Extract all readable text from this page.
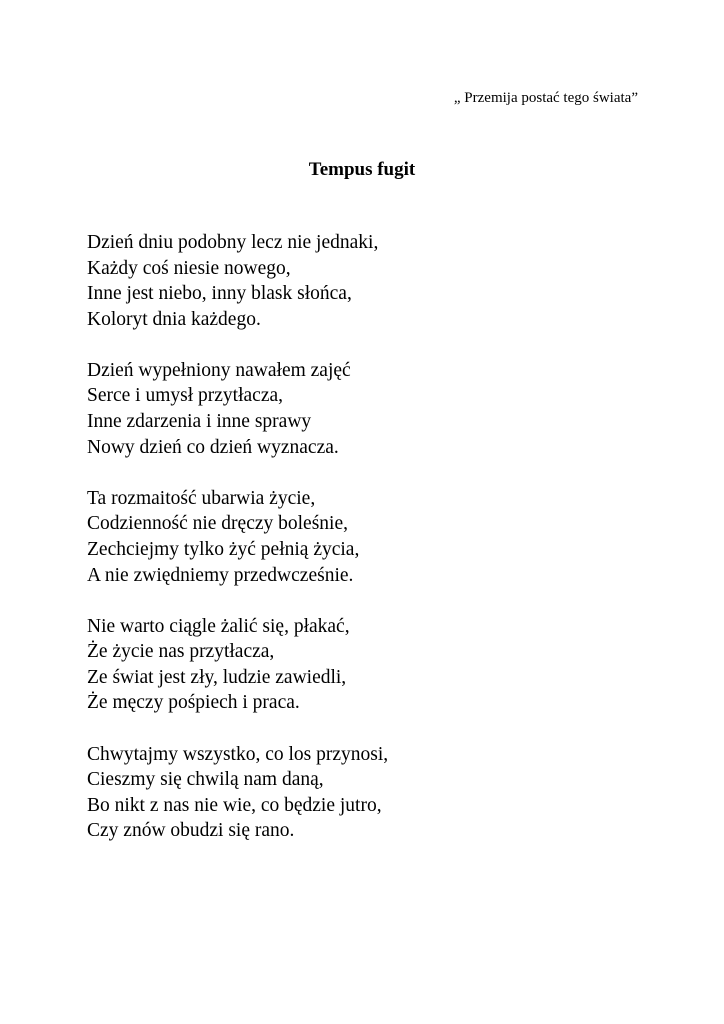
„ Przemija postać tego świata”
Tempus fugit
Dzień dniu podobny lecz nie jednaki,
Każdy coś niesie nowego,
Inne jest niebo, inny blask słońca,
Koloryt dnia każdego.
Dzień wypełniony nawałem zajęć
Serce i umysł przytłacza,
Inne zdarzenia i inne sprawy
Nowy dzień co dzień wyznacza.
Ta rozmaitość ubarwia życie,
Codzienność nie dręczy boleśnie,
Zechciejmy tylko żyć pełnią życia,
A nie zwiędniemy przedwcześnie.
Nie warto ciągle żalić się, płakać,
Że życie nas przytłacza,
Ze świat jest zły, ludzie zawiedli,
Że męczy pośpiech i praca.
Chwytajmy wszystko, co los przynosi,
Cieszmy się chwilą nam daną,
Bo nikt z nas nie wie, co będzie jutro,
Czy znów obudzi się rano.
